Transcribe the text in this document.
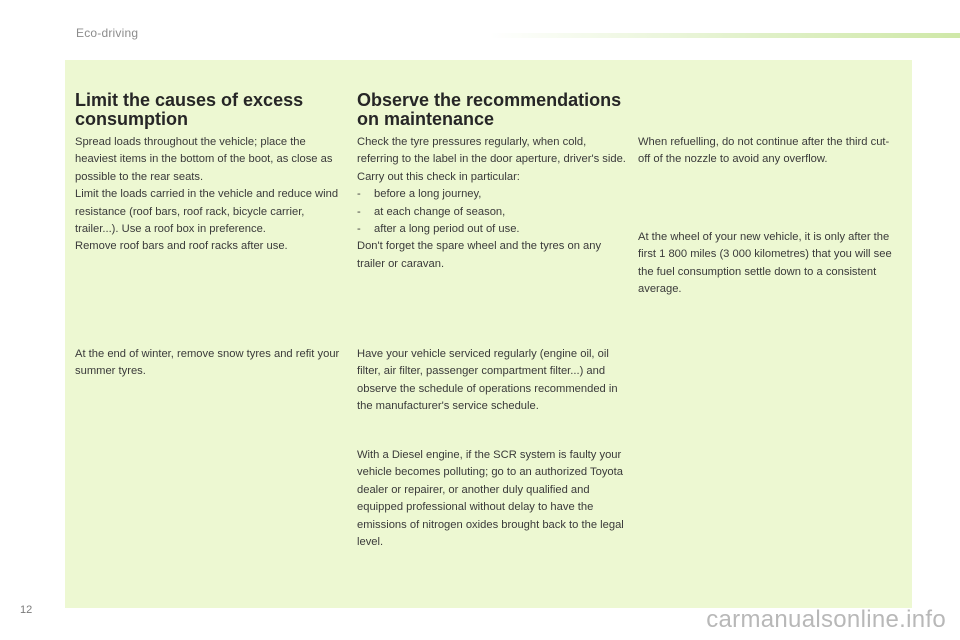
Eco-driving
Limit the causes of excess consumption
Spread loads throughout the vehicle; place the heaviest items in the bottom of the boot, as close as possible to the rear seats.
Limit the loads carried in the vehicle and reduce wind resistance (roof bars, roof rack, bicycle carrier, trailer...). Use a roof box in preference.
Remove roof bars and roof racks after use.
At the end of winter, remove snow tyres and refit your summer tyres.
Observe the recommendations on maintenance
Check the tyre pressures regularly, when cold, referring to the label in the door aperture, driver's side.
Carry out this check in particular:
- before a long journey,
- at each change of season,
- after a long period out of use.
Don't forget the spare wheel and the tyres on any trailer or caravan.
Have your vehicle serviced regularly (engine oil, oil filter, air filter, passenger compartment filter...) and observe the schedule of operations recommended in the manufacturer's service schedule.
With a Diesel engine, if the SCR system is faulty your vehicle becomes polluting; go to an authorized Toyota dealer or repairer, or another duly qualified and equipped professional without delay to have the emissions of nitrogen oxides brought back to the legal level.
When refuelling, do not continue after the third cut-off of the nozzle to avoid any overflow.
At the wheel of your new vehicle, it is only after the first 1 800 miles (3 000 kilometres) that you will see the fuel consumption settle down to a consistent average.
12	carmanualsonline.info
